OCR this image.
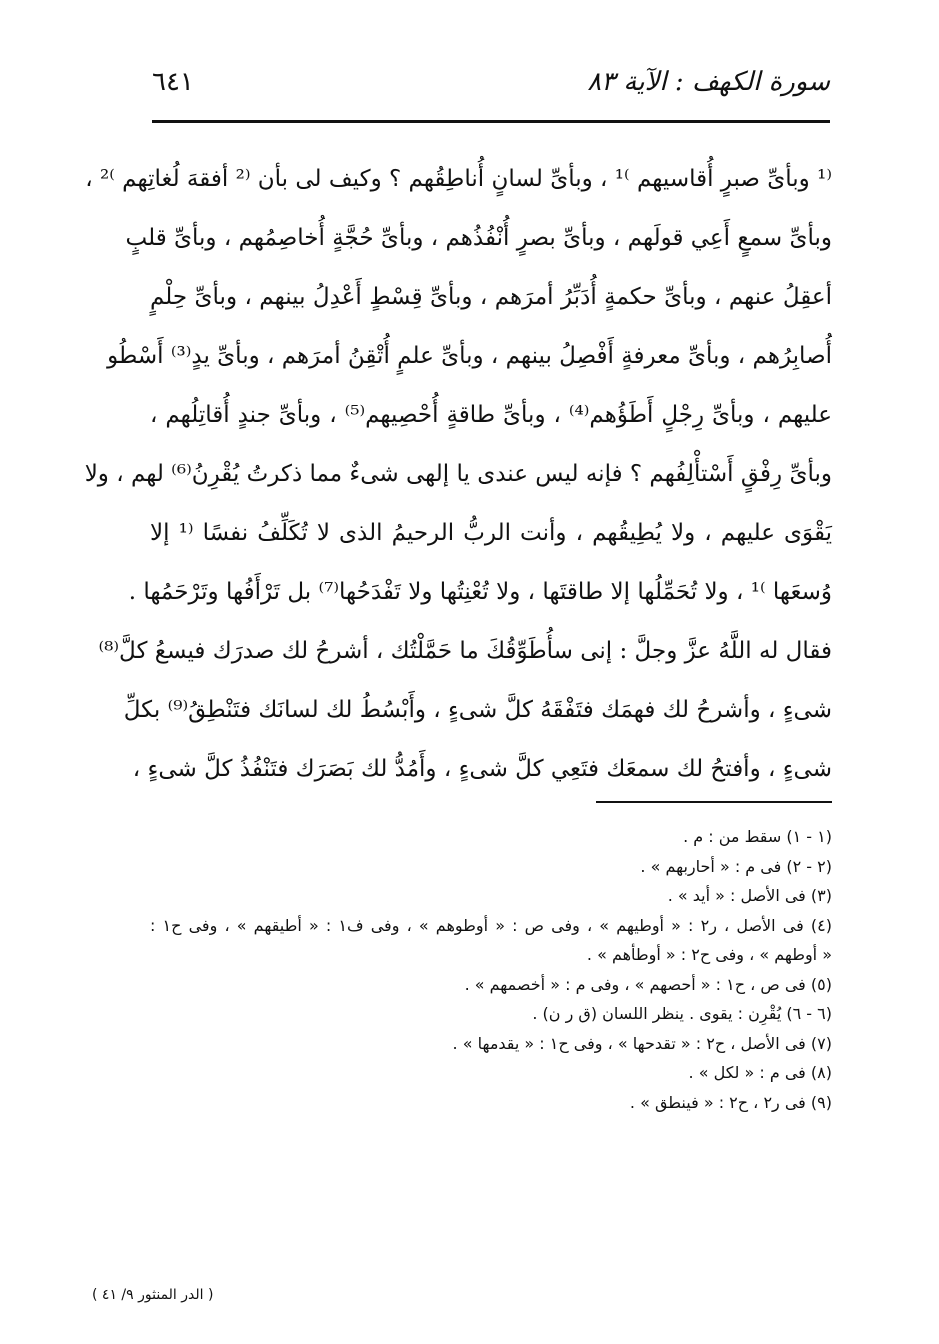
سورة الكهف : الآية ٨٣
٦٤١
⁽¹ وبأىِّ صبرٍ أُقاسيهم ⁾¹ ، وبأىِّ لسانٍ أُناطِقُهم ؟ وكيف لى بأن ⁽² أفقهَ لُغاتِهم ⁾² ،
وبأىِّ سمعٍ أَعِي قولَهم ، وبأىِّ بصرٍ أُنْفُذُهم ، وبأىِّ حُجَّةٍ أُخاصِمُهم ، وبأىِّ قلبٍ
أعقِلُ عنهم ، وبأىِّ حكمةٍ أُدَبِّرُ أمرَهم ، وبأىِّ قِسْطٍ أَعْدِلُ بينهم ، وبأىِّ حِلْمٍ
أُصابِرُهم ، وبأىِّ معرفةٍ أَفْصِلُ بينهم ، وبأىِّ علمٍ أُتْقِنُ أمرَهم ، وبأىِّ يدٍ⁽³⁾ أَسْطُو
عليهم ، وبأىِّ رِجْلٍ أَطَؤُهم⁽⁴⁾ ، وبأىِّ طاقةٍ أُحْصِيهم⁽⁵⁾ ، وبأىِّ جندٍ أُقاتِلُهم ،
وبأىِّ رِفْقٍ أَسْتأْلِفُهم ؟ فإنه ليس عندى يا إلهى شىءٌ مما ذكرتُ يُقْرِنُ⁽⁶⁾ لهم ، ولا
يَقْوَى عليهم ، ولا يُطِيقُهم ، وأنت الربُّ الرحيمُ الذى لا تُكَلِّفُ نفسًا ⁽¹ إلا
وُسعَها ⁾¹ ، ولا تُحَمِّلُها إلا طاقتَها ، ولا تُعْنِتُها ولا تَفْدَحُها⁽⁷⁾ بل تَرْأَفُها وتَرْحَمُها .
فقال له اللَّهُ عزَّ وجلَّ : إنى سأُطَوِّقُكَ ما حَمَّلْتُك ، أشرحُ لك صدرَك فيسعُ كلَّ⁽⁸⁾
شىءٍ ، وأشرحُ لك فهمَك فتَفْقَهُ كلَّ شىءٍ ، وأَبْسُطُ لك لسانَك فتَنْطِقُ⁽⁹⁾ بكلِّ
شىءٍ ، وأفتحُ لك سمعَك فتَعِي كلَّ شىءٍ ، وأَمُدُّ لك بَصَرَك فتَنْفُذُ كلَّ شىءٍ ،
(١ - ١) سقط من : م .
(٢ - ٢) فى م : « أحاربهم » .
(٣) فى الأصل : « أيد » .
(٤) فى الأصل ، ر٢ : « أوطيهم » ، وفى ص : « أوطوهم » ، وفى ف١ : « أطيقهم » ، وفى ح١ :
« أوطهم » ، وفى ح٢ : « أوطأهم » .
(٥) فى ص ، ح١ : « أحصهم » ، وفى م : « أخصمهم » .
(٦ - ٦) يُقْرِن : يقوى . ينظر اللسان (ق ر ن) .
(٧) فى الأصل ، ح٢ : « تقدحها » ، وفى ح١ : « يقدمها » .
(٨) فى م : « لكل » .
(٩) فى ر٢ ، ح٢ : « فينطق » .
( الدر المنثور ٩/ ٤١ )
